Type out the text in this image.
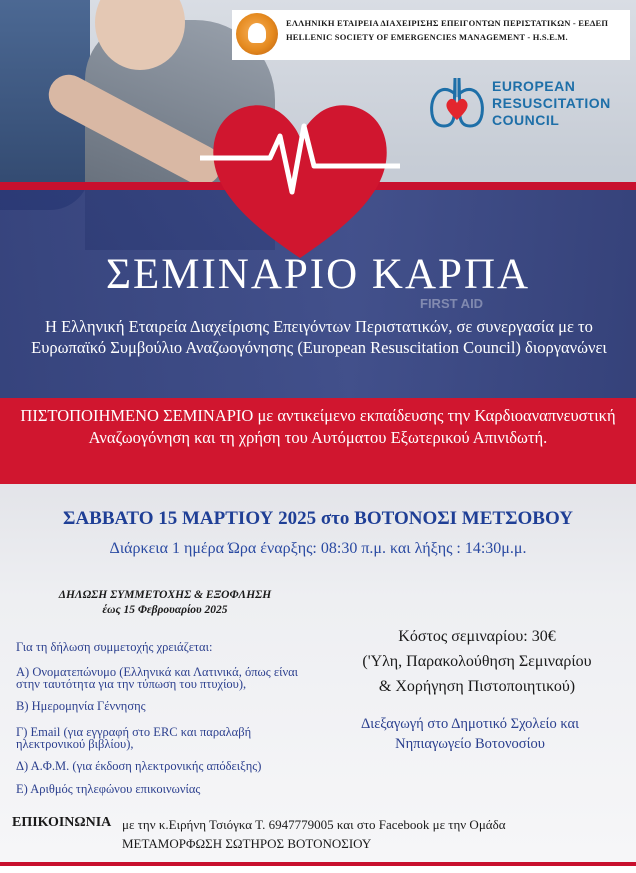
FIRST AID
ΕΛΛΗΝΙΚΗ ΕΤΑΙΡΕΙΑ ΔΙΑΧΕΙΡΙΣΗΣ ΕΠΕΙΓΟΝΤΩΝ ΠΕΡΙΣΤΑΤΙΚΩΝ - ΕΕΔΕΠ
HELLENIC SOCIETY OF EMERGENCIES MANAGEMENT - H.S.E.M.
EUROPEAN
RESUSCITATION
COUNCIL
ΣΕΜΙΝΑΡΙΟ ΚΑΡΠΑ
Η Ελληνική Εταιρεία Διαχείρισης Επειγόντων Περιστατικών, σε συνεργασία με το Ευρωπαϊκό Συμβούλιο Αναζωογόνησης (European Resuscitation Council) διοργανώνει
ΠΙΣΤΟΠΟΙΗΜΕΝΟ ΣΕΜΙΝΑΡΙΟ με αντικείμενο εκπαίδευσης την Καρδιοαναπνευστική Αναζωογόνηση και τη χρήση του Αυτόματου Εξωτερικού Απινιδωτή.
ΣΑΒΒΑΤΟ 15 ΜΑΡΤΙΟΥ 2025 στο ΒΟΤΟΝΟΣΙ ΜΕΤΣΟΒΟΥ
Διάρκεια 1 ημέρα Ώρα έναρξης: 08:30 π.μ. και λήξης : 14:30μ.μ.
ΔΗΛΩΣΗ ΣΥΜΜΕΤΟΧΗΣ & ΕΞΟΦΛΗΣΗ
έως 15 Φεβρουαρίου 2025
Για τη δήλωση συμμετοχής χρειάζεται:
Α) Ονοματεπώνυμο (Ελληνικά και Λατινικά, όπως είναι στην ταυτότητα για την τύπωση του πτυχίου),
Β) Ημερομηνία Γέννησης
Γ) Email (για εγγραφή στο ERC και παραλαβή ηλεκτρονικού βιβλίου),
Δ) Α.Φ.Μ. (για έκδοση ηλεκτρονικής απόδειξης)
Ε) Αριθμός τηλεφώνου επικοινωνίας
Κόστος σεμιναρίου: 30€
('Υλη, Παρακολούθηση Σεμιναρίου
& Χορήγηση Πιστοποιητικού)
Διεξαγωγή στο Δημοτικό Σχολείο και
Νηπιαγωγείο Βοτονοσίου
ΕΠΙΚΟΙΝΩΝΙΑ με την κ.Ειρήνη Τσιόγκα Τ. 6947779005 και στο Facebook με την Ομάδα
ΜΕΤΑΜΟΡΦΩΣΗ ΣΩΤΗΡΟΣ ΒΟΤΟΝΟΣΙΟΥ
